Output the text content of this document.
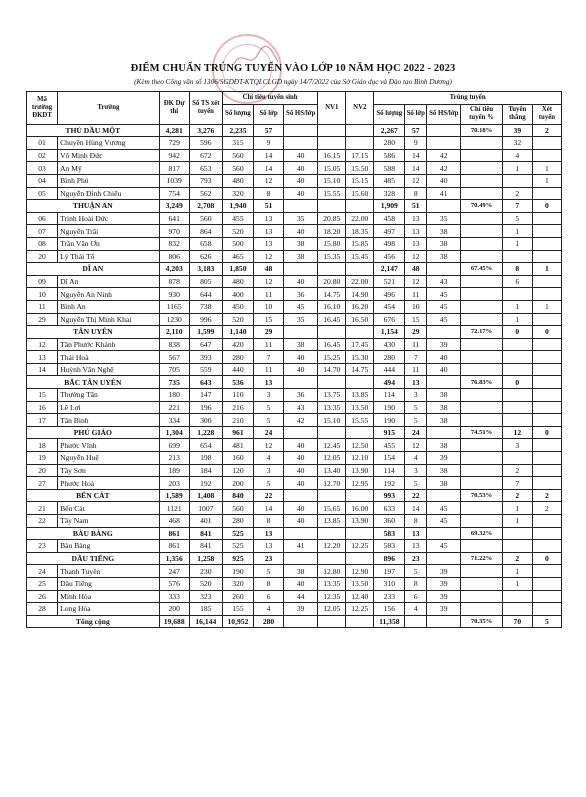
ĐIỂM CHUẨN TRÚNG TUYỂN VÀO LỚP 10 NĂM HỌC 2022 - 2023
(Kèm theo Công văn số 1306/SGDĐT-KTQLCLGD ngày 14/7/2022 của Sở Giáo dục và Đào tạo Bình Dương)
Mã trường ĐKDT	Trường	ĐK Dự thi	Số TS xét tuyển	Chỉ tiêu tuyển sinh			NV1	NV2	Trúng tuyển					
				Số lượng	Số lớp	Số HS/lớp			Số lượng	Số lớp	Số HS/lớp	Chỉ tiêu tuyển %	Tuyển thẳng	Xét tuyển
THỦ DẦU MỘT		4,281	3,276	2,235	57				2,267	57		70.18%	39	2
01	Chuyên Hùng Vương	729	596	315	9				280	9			32	
02	Võ Minh Đức	942	672	560	14	40	16.15	17.15	586	14	42		4	
03	An Mỹ	817	653	560	14	40	15.05	15.50	588	14	42		1	1
04	Bình Phú	1039	793	480	12	40	15.10	15.15	485	12	40			1
05	Nguyễn Đình Chiểu	754	562	320	8	40	15.55	15.60	328	8	41		2	
THUẬN AN		3,249	2,708	1,940	51				1,909	51		70.49%	7	0
06	Trịnh Hoài Đức	641	560	455	13	35	20.85	22.00	458	13	35		5	
07	Nguyễn Trãi	970	864	520	13	40	18.20	18.35	497	13	38		1	
08	Trần Văn Ơn	832	658	500	13	38	15.80	15.85	498	13	38		1	
20	Lý Thái Tổ	806	626	465	12	38	15.35	15.45	456	12	38			
DĨ AN		4,203	3,183	1,850	48				2,147	48		67.45%	8	1
09	Dĩ An	878	805	480	12	40	20.80	22.00	521	12	43		6	
10	Nguyễn An Ninh	930	644	400	11	36	14.75	14.90	496	11	45			
11	Bình An	1165	738	450	10	45	16.10	16.20	454	10	45		1	1
29	Nguyễn Thị Minh Khai	1230	996	520	15	35	16.45	16.50	676	15	45		1	
TÂN UYÊN		2,110	1,599	1,140	29				1,154	29		72.17%	0	0
12	Tân Phước Khánh	838	647	420	11	38	16.45	17.45	430	11	39			
13	Thái Hoà	567	393	280	7	40	15.25	15.30	280	7	40			
14	Huỳnh Văn Nghệ	705	559	440	11	40	14.70	14.75	444	11	40			
BẮC TÂN UYÊN		735	643	536	13				494	13		76.83%	0	
15	Thường Tân	180	147	110	3	36	13.75	13.85	114	3	38			
16	Lê Lợi	221	196	216	5	43	13.35	13.50	190	5	38			
17	Tân Bình	334	300	210	5	42	15.10	15.55	190	5	38			
PHÚ GIÁO		1,304	1,228	961	24				915	24		74.51%	12	0
18	Phước Vĩnh	699	654	481	12	40	12.45	12.50	455	12	38		3	
19	Nguyễn Huệ	213	198	160	4	40	12.05	12.10	154	4	39			
20	Tây Sơn	189	184	120	3	40	13.40	13.90	114	3	38		2	
27	Phước Hoà	203	192	200	5	40	12.70	12.95	192	5	38		7	
BẾN CÁT		1,589	1,408	840	22				993	22		70.53%	2	2
21	Bến Cát	1121	1007	560	14	40	15.65	16.00	633	14	45		1	2
22	Tây Nam	468	401	280	8	40	13.85	13.90	360	8	45		1	
BÀU BÀNG		861	841	525	13				583	13		69.32%		
23	Bàu Bàng	861	841	525	13	41	12.20	12.25	583	13	45			
DẦU TIẾNG		1,356	1,258	925	23				896	23		71.22%	2	0
24	Thanh Tuyền	247	230	190	5	38	12.80	12.90	197	5	39		1	
25	Dầu Tiếng	576	520	320	8	40	13.35	13.50	310	8	39		1	
26	Minh Hòa	333	323	260	6	44	12.35	12.40	233	6	39			
28	Long Hòa	200	185	155	4	39	12.05	12.25	156	4	39			
Tổng cộng		19,688	16,144	10,952	280				11,358			70.35%	70	5
